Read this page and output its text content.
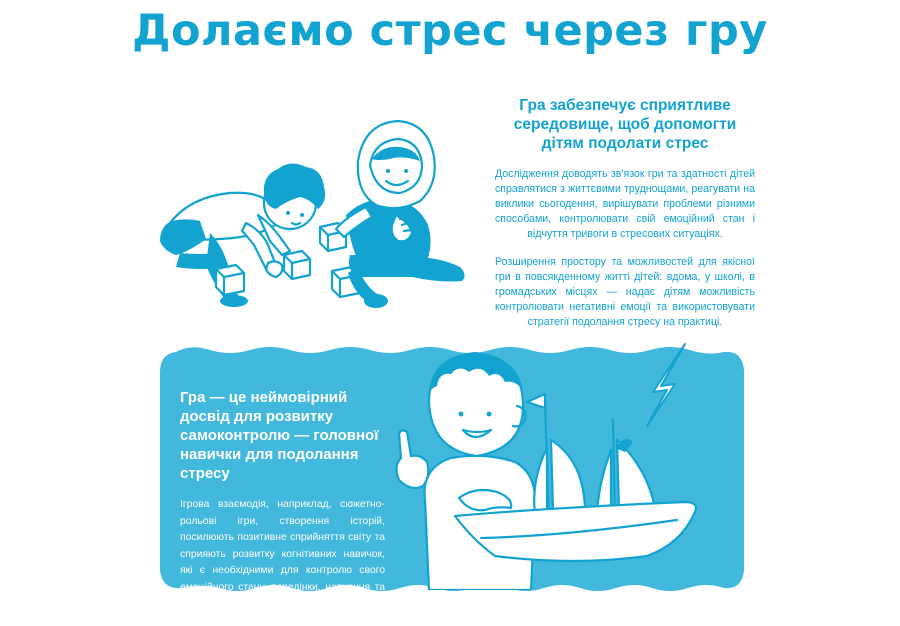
Долаємо стрес через гру
Гра забезпечує сприятливе середовище, щоб допомогти дітям подолати стрес

Дослідження доводять зв'язок гри та здатності дітей справлятися з життєвими труднощами, реагувати на виклики сьогодення, вирішувати проблеми різними способами, контролювати свій емоційний стан і відчуття тривоги в стресових ситуаціях.

Розширення простору та можливостей для якісної гри в повсякденному житті дітей: вдома, у школі, в громадських місцях — надає дітям можливість контролювати негативні емоції та використовувати стратегії подолання стресу на практиці.

Гра — це неймовірний досвід для розвитку самоконтролю — головної навички для подолання стресу

Ігрова взаємодія, наприклад, сюжетно-рольові ігри, створення історій, посилюють позитивне сприйняття світу та сприяють розвитку когнітивних навичок, які є необхідними для контролю свого емоційного стану, поведінки, навчання та подолання стресу.
